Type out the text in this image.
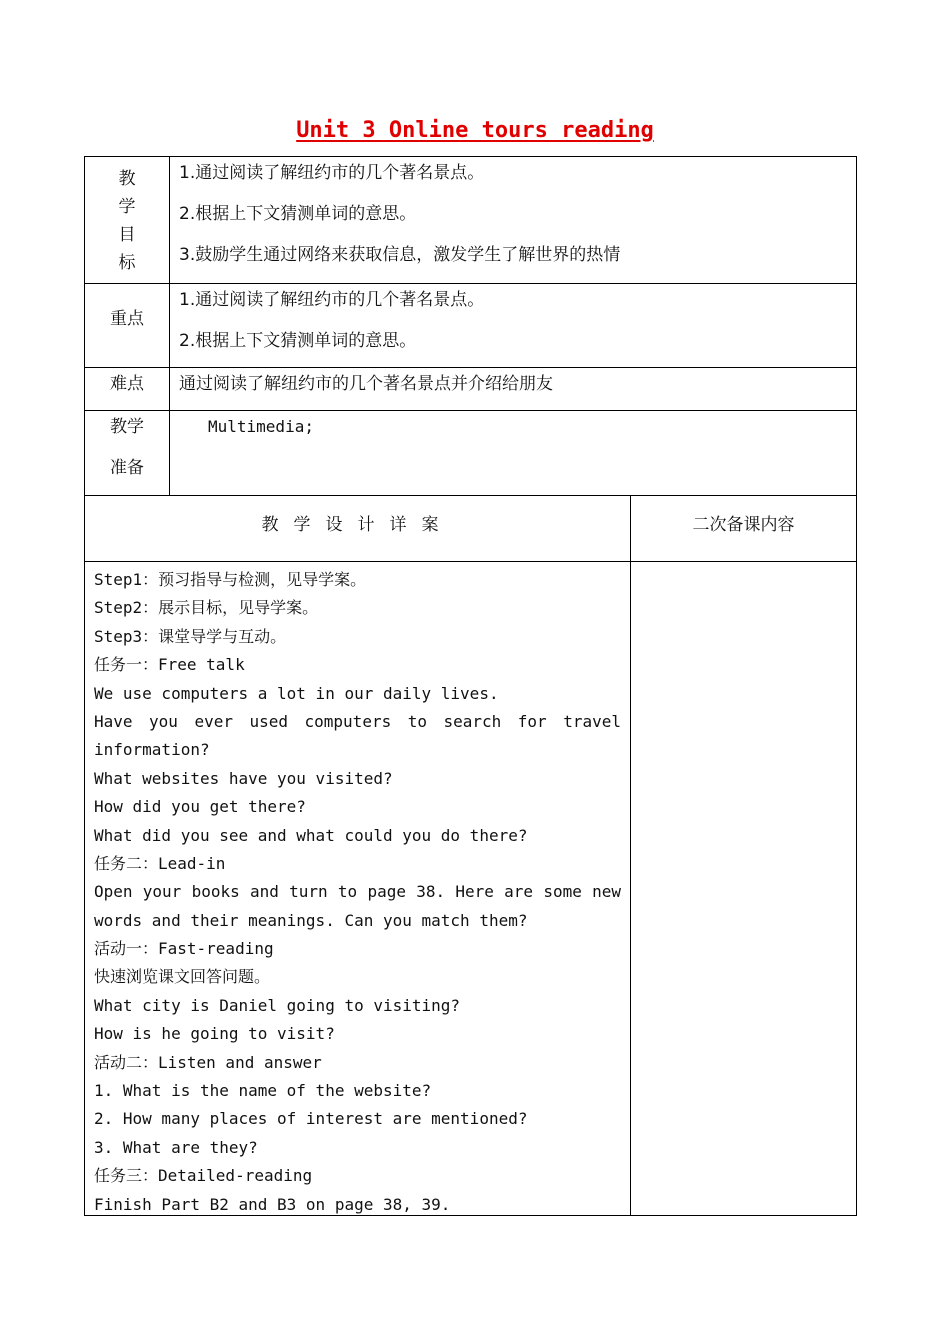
Unit 3 Online tours reading
教
学
目
标

1.通过阅读了解纽约市的几个著名景点。

2.根据上下文猜测单词的意思。

3.鼓励学生通过网络来获取信息，激发学生了解世界的热情

重点

1.通过阅读了解纽约市的几个著名景点。

2.根据上下文猜测单词的意思。

难点	通过阅读了解纽约市的几个著名景点并介绍给朋友
教学
准备
Multimedia;
教学设计详案	二次备课内容
Step1：预习指导与检测，见导学案。
Step2：展示目标，见导学案。
Step3：课堂导学与互动。
任务一：Free talk
We use computers a lot in our daily lives.
Have you ever used computers to search for travel
information?
What websites have you visited?
How did you get there?
What did you see and what could you do there?
任务二：Lead-in
Open your books and turn to page 38. Here are some new
words and their meanings. Can you match them?
活动一：Fast-reading
快速浏览课文回答问题。
What city is Daniel going to visiting?
How is he going to visit?
活动二：Listen and answer
1. What is the name of the website?
2. How many places of interest are mentioned?
3. What are they?
任务三：Detailed-reading
Finish Part B2 and B3 on page 38, 39.
